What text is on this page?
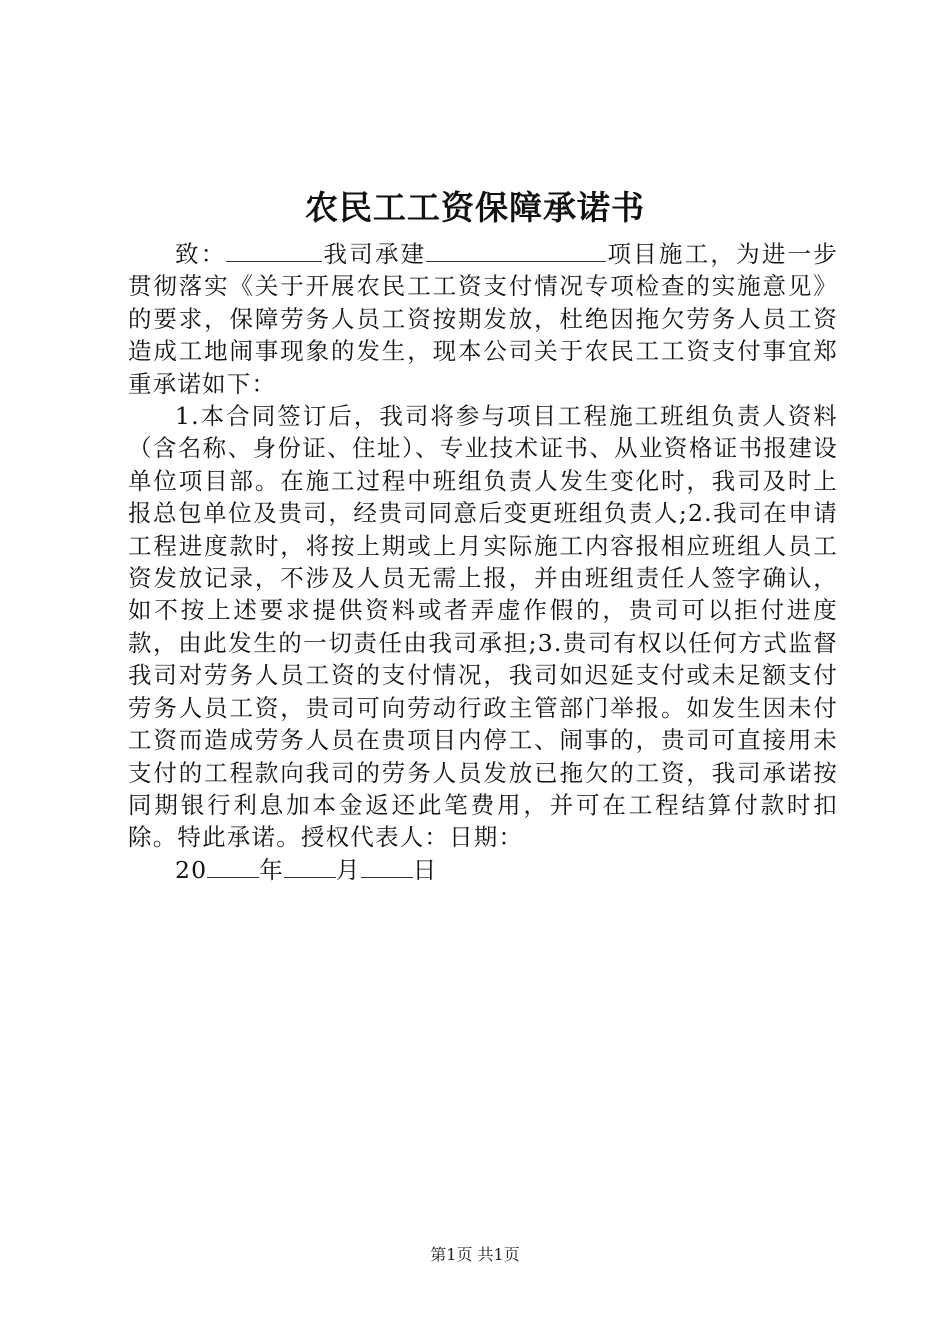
农民工工资保障承诺书

致：	我司承建	项目施工，为进一步贯彻落实《关于开展农民工工资支付情况专项检查的实施意见》的要求，保障劳务人员工资按期发放，杜绝因拖欠劳务人员工资造成工地闹事现象的发生，现本公司关于农民工工资支付事宜郑重承诺如下：

1.本合同签订后，我司将参与项目工程施工班组负责人资料（含名称、身份证、住址）、专业技术证书、从业资格证书报建设单位项目部。在施工过程中班组负责人发生变化时，我司及时上报总包单位及贵司，经贵司同意后变更班组负责人;2.我司在申请工程进度款时，将按上期或上月实际施工内容报相应班组人员工资发放记录，不涉及人员无需上报，并由班组责任人签字确认，如不按上述要求提供资料或者弄虚作假的，贵司可以拒付进度款，由此发生的一切责任由我司承担;3.贵司有权以任何方式监督我司对劳务人员工资的支付情况，我司如迟延支付或未足额支付劳务人员工资，贵司可向劳动行政主管部门举报。如发生因未付工资而造成劳务人员在贵项目内停工、闹事的，贵司可直接用未支付的工程款向我司的劳务人员发放已拖欠的工资，我司承诺按同期银行利息加本金返还此笔费用，并可在工程结算付款时扣除。特此承诺。授权代表人：日期：

20 年 月 日

第1页 共1页
